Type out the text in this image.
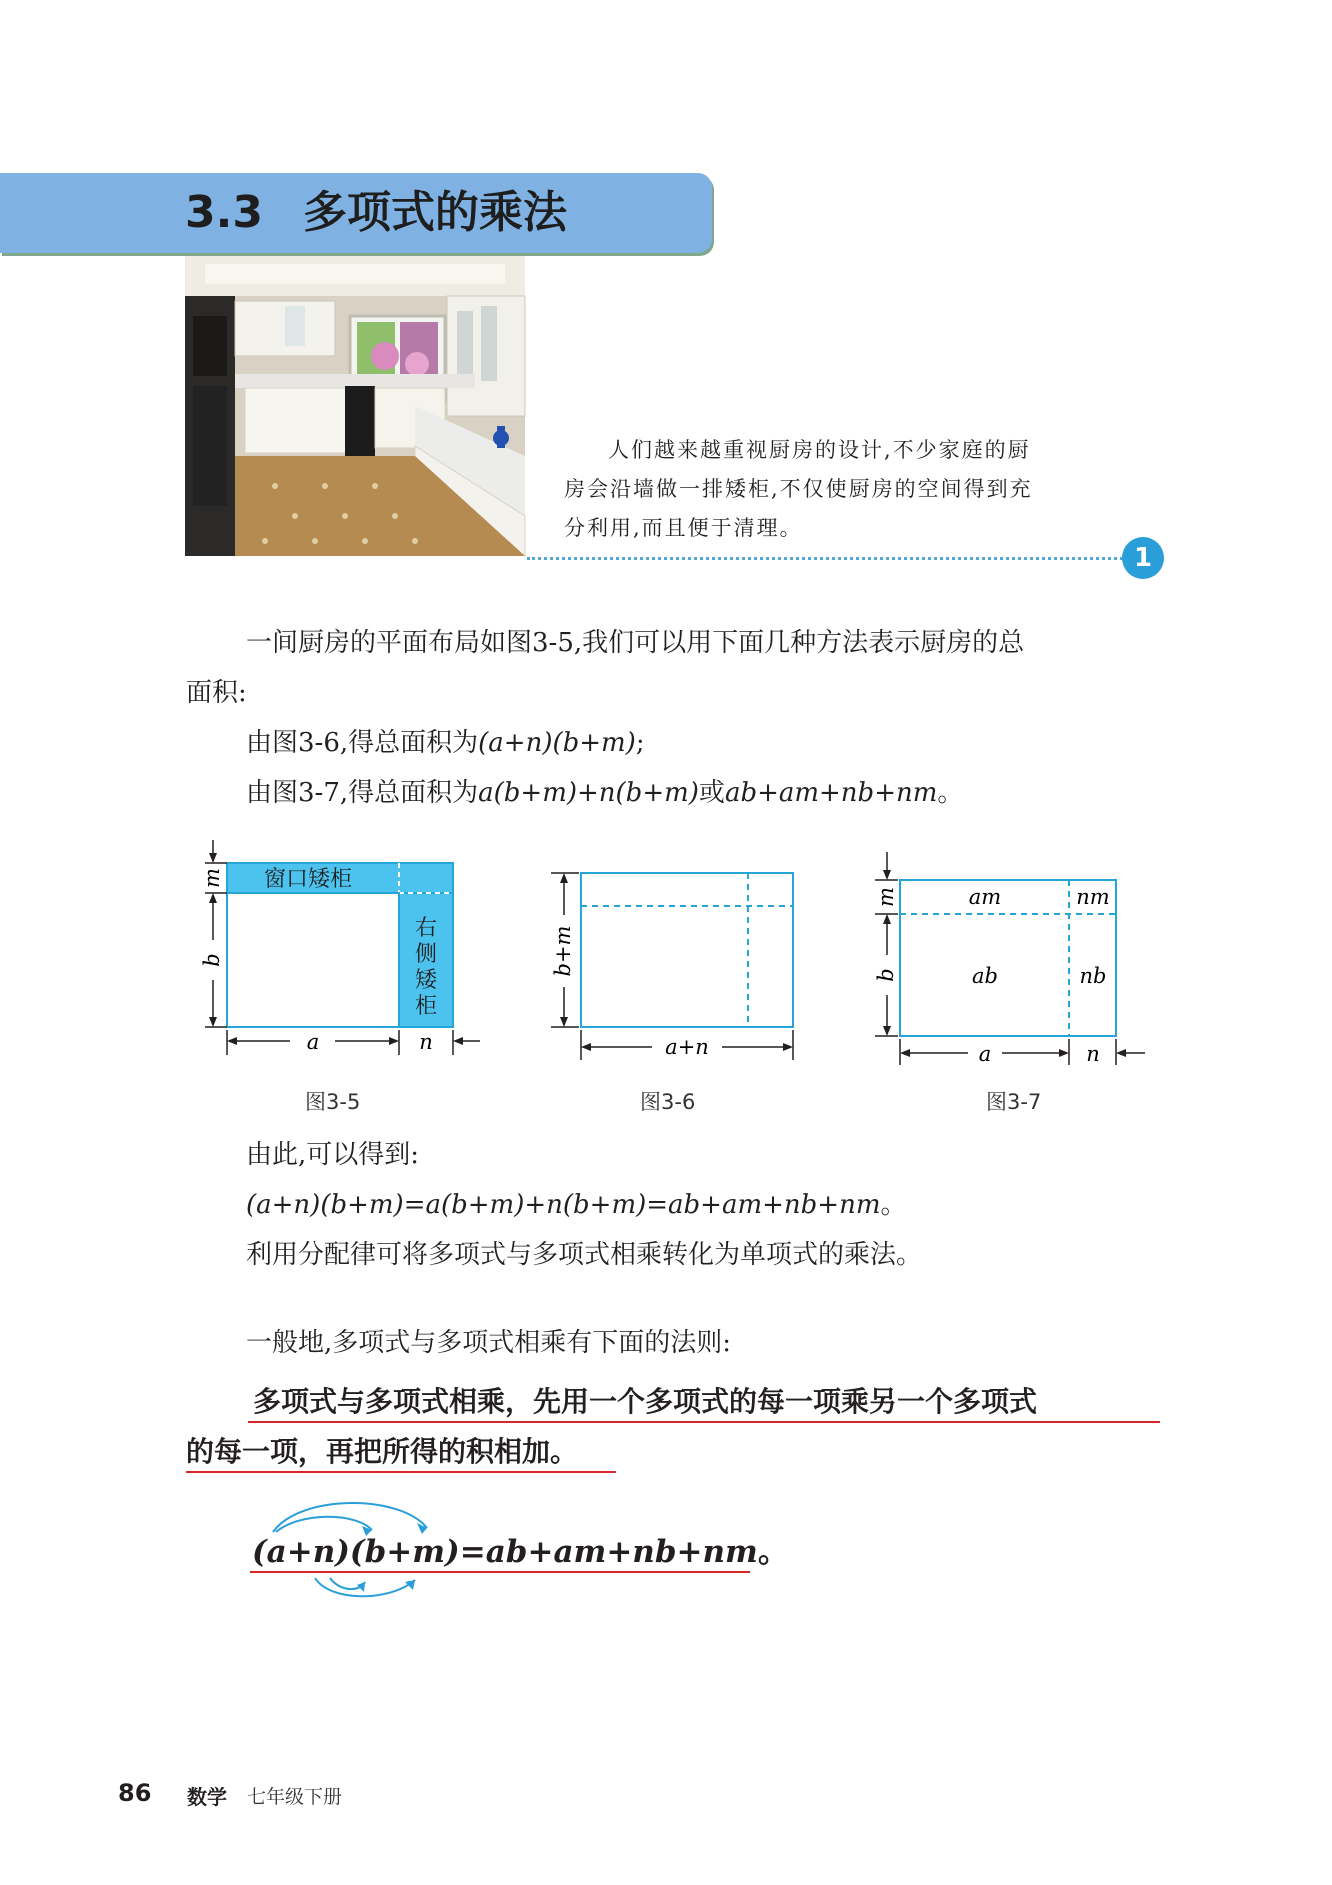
3.3 多项式的乘法
人们越来越重视厨房的设计,不少家庭的厨
房会沿墙做一排矮柜,不仅使厨房的空间得到充
分利用,而且便于清理。
1
一间厨房的平面布局如图3-5,我们可以用下面几种方法表示厨房的总
面积:
由图3-6,得总面积为(a+n)(b+m);
由图3-7,得总面积为a(b+m)+n(b+m)或ab+am+nb+nm。
窗口矮柜
右
侧
矮
柜
m
b
a	n
b+m
a+n
am	nm
ab	nb
m
b
a	n
图3-5	图3-6	图3-7
由此,可以得到:
(a+n)(b+m)=a(b+m)+n(b+m)=ab+am+nb+nm。
利用分配律可将多项式与多项式相乘转化为单项式的乘法。
一般地,多项式与多项式相乘有下面的法则:
多项式与多项式相乘，先用一个多项式的每一项乘另一个多项式
的每一项，再把所得的积相加。
(a+n)(b+m)=ab+am+nb+nm。
86 数学 七年级下册
